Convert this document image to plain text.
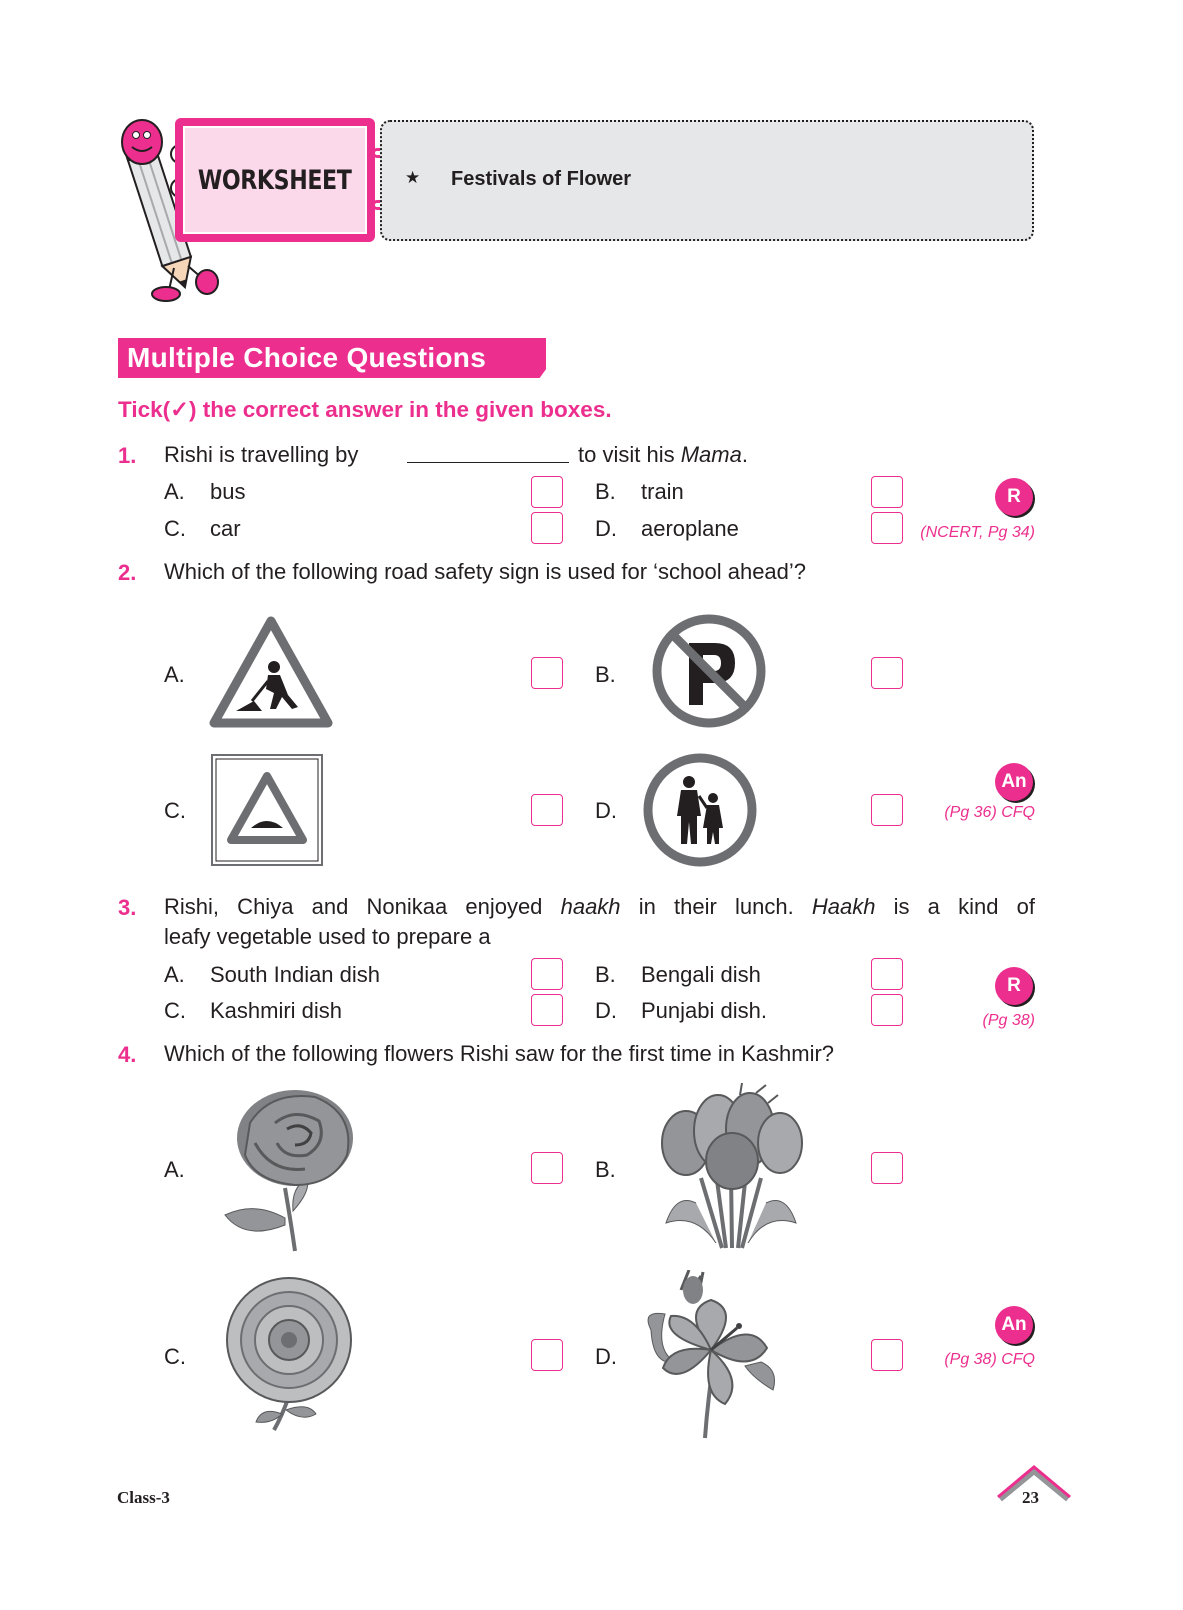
WORKSHEET	★ Festivals of Flower
Multiple Choice Questions
Tick(✓) the correct answer in the given boxes.
1. Rishi is travelling by	to visit his Mama.
A. bus	B. train
C. car	D. aeroplane
R
(NCERT, Pg 34)
2. Which of the following road safety sign is used for ‘school ahead’?
A.	B.
C.	D.
An
(Pg 36) CFQ
3. Rishi, Chiya and Nonikaa enjoyed haakh in their lunch. Haakh is a kind of
leafy vegetable used to prepare a
A. South Indian dish	B. Bengali dish
C. Kashmiri dish	D. Punjabi dish.
R
(Pg 38)
4. Which of the following flowers Rishi saw for the first time in Kashmir?
A.	B.
C.	D.
An
(Pg 38) CFQ
Class-3	23
